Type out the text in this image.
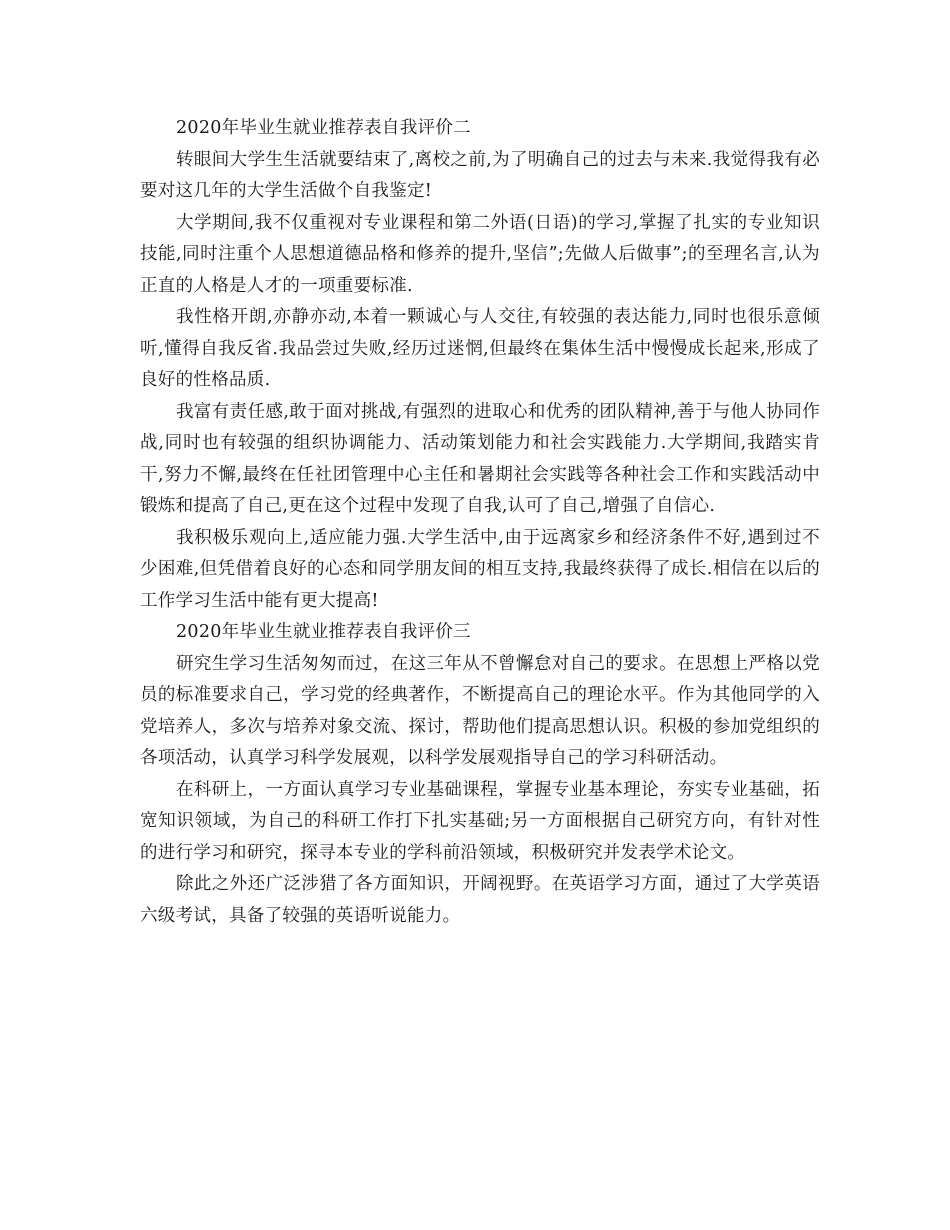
2020年毕业生就业推荐表自我评价二

转眼间大学生生活就要结束了,离校之前,为了明确自己的过去与未来.我觉得我有必要对这几年的大学生活做个自我鉴定!

大学期间,我不仅重视对专业课程和第二外语(日语)的学习,掌握了扎实的专业知识技能,同时注重个人思想道德品格和修养的提升,坚信”;先做人后做事”;的至理名言,认为正直的人格是人才的一项重要标准.

我性格开朗,亦静亦动,本着一颗诚心与人交往,有较强的表达能力,同时也很乐意倾听,懂得自我反省.我品尝过失败,经历过迷惘,但最终在集体生活中慢慢成长起来,形成了良好的性格品质.

我富有责任感,敢于面对挑战,有强烈的进取心和优秀的团队精神,善于与他人协同作战,同时也有较强的组织协调能力、活动策划能力和社会实践能力.大学期间,我踏实肯干,努力不懈,最终在任社团管理中心主任和暑期社会实践等各种社会工作和实践活动中锻炼和提高了自己,更在这个过程中发现了自我,认可了自己,增强了自信心.

我积极乐观向上,适应能力强.大学生活中,由于远离家乡和经济条件不好,遇到过不少困难,但凭借着良好的心态和同学朋友间的相互支持,我最终获得了成长.相信在以后的工作学习生活中能有更大提高!

2020年毕业生就业推荐表自我评价三

研究生学习生活匆匆而过，在这三年从不曾懈怠对自己的要求。在思想上严格以党员的标准要求自己，学习党的经典著作，不断提高自己的理论水平。作为其他同学的入党培养人，多次与培养对象交流、探讨，帮助他们提高思想认识。积极的参加党组织的各项活动，认真学习科学发展观，以科学发展观指导自己的学习科研活动。

在科研上，一方面认真学习专业基础课程，掌握专业基本理论，夯实专业基础，拓宽知识领域，为自己的科研工作打下扎实基础;另一方面根据自己研究方向，有针对性的进行学习和研究，探寻本专业的学科前沿领域，积极研究并发表学术论文。

除此之外还广泛涉猎了各方面知识，开阔视野。在英语学习方面，通过了大学英语六级考试，具备了较强的英语听说能力。
